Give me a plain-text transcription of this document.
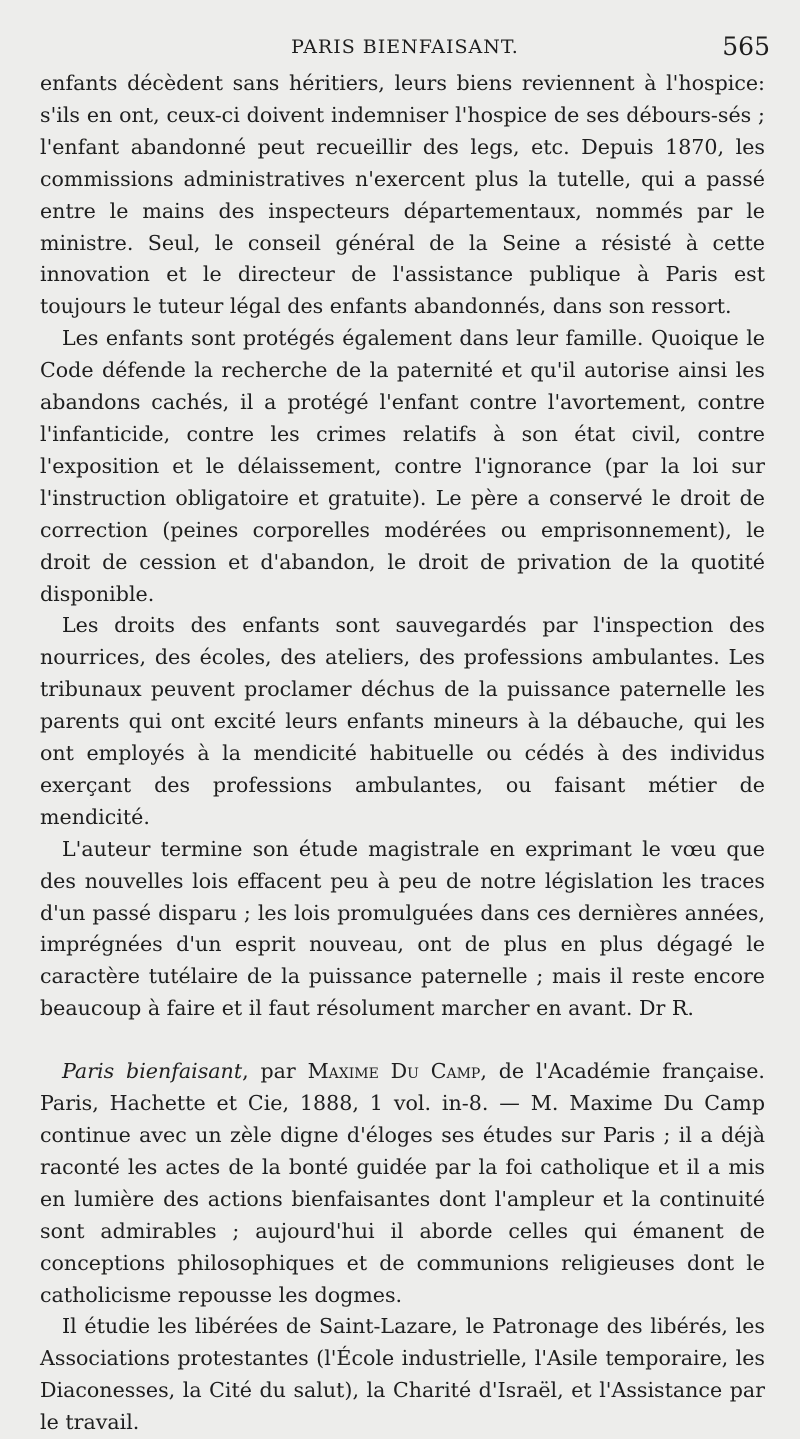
PARIS BIENFAISANT.	565

enfants décèdent sans héritiers, leurs biens reviennent à l'hospice: s'ils en ont, ceux-ci doivent indemniser l'hospice de ses débours-sés ; l'enfant abandonné peut recueillir des legs, etc. Depuis 1870, les commissions administratives n'exercent plus la tutelle, qui a passé entre le mains des inspecteurs départementaux, nommés par le ministre. Seul, le conseil général de la Seine a résisté à cette innovation et le directeur de l'assistance publique à Paris est toujours le tuteur légal des enfants abandonnés, dans son ressort.

Les enfants sont protégés également dans leur famille. Quoique le Code défende la recherche de la paternité et qu'il autorise ainsi les abandons cachés, il a protégé l'enfant contre l'avortement, contre l'infanticide, contre les crimes relatifs à son état civil, contre l'exposition et le délaissement, contre l'ignorance (par la loi sur l'instruction obligatoire et gratuite). Le père a conservé le droit de correction (peines corporelles modérées ou emprisonnement), le droit de cession et d'abandon, le droit de privation de la quotité disponible.

Les droits des enfants sont sauvegardés par l'inspection des nourrices, des écoles, des ateliers, des professions ambulantes. Les tribunaux peuvent proclamer déchus de la puissance paternelle les parents qui ont excité leurs enfants mineurs à la débauche, qui les ont employés à la mendicité habituelle ou cédés à des individus exerçant des professions ambulantes, ou faisant métier de mendicité.

L'auteur termine son étude magistrale en exprimant le vœu que des nouvelles lois effacent peu à peu de notre législation les traces d'un passé disparu ; les lois promulguées dans ces dernières années, imprégnées d'un esprit nouveau, ont de plus en plus dégagé le caractère tutélaire de la puissance paternelle ; mais il reste encore beaucoup à faire et il faut résolument marcher en avant. Dr R.

Paris bienfaisant, par Maxime Du Camp, de l'Académie française. Paris, Hachette et Cie, 1888, 1 vol. in-8. — M. Maxime Du Camp continue avec un zèle digne d'éloges ses études sur Paris ; il a déjà raconté les actes de la bonté guidée par la foi catholique et il a mis en lumière des actions bienfaisantes dont l'ampleur et la continuité sont admirables ; aujourd'hui il aborde celles qui émanent de conceptions philosophiques et de communions religieuses dont le catholicisme repousse les dogmes.

Il étudie les libérées de Saint-Lazare, le Patronage des libérés, les Associations protestantes (l'École industrielle, l'Asile temporaire, les Diaconesses, la Cité du salut), la Charité d'Israël, et l'Assistance par le travail.
